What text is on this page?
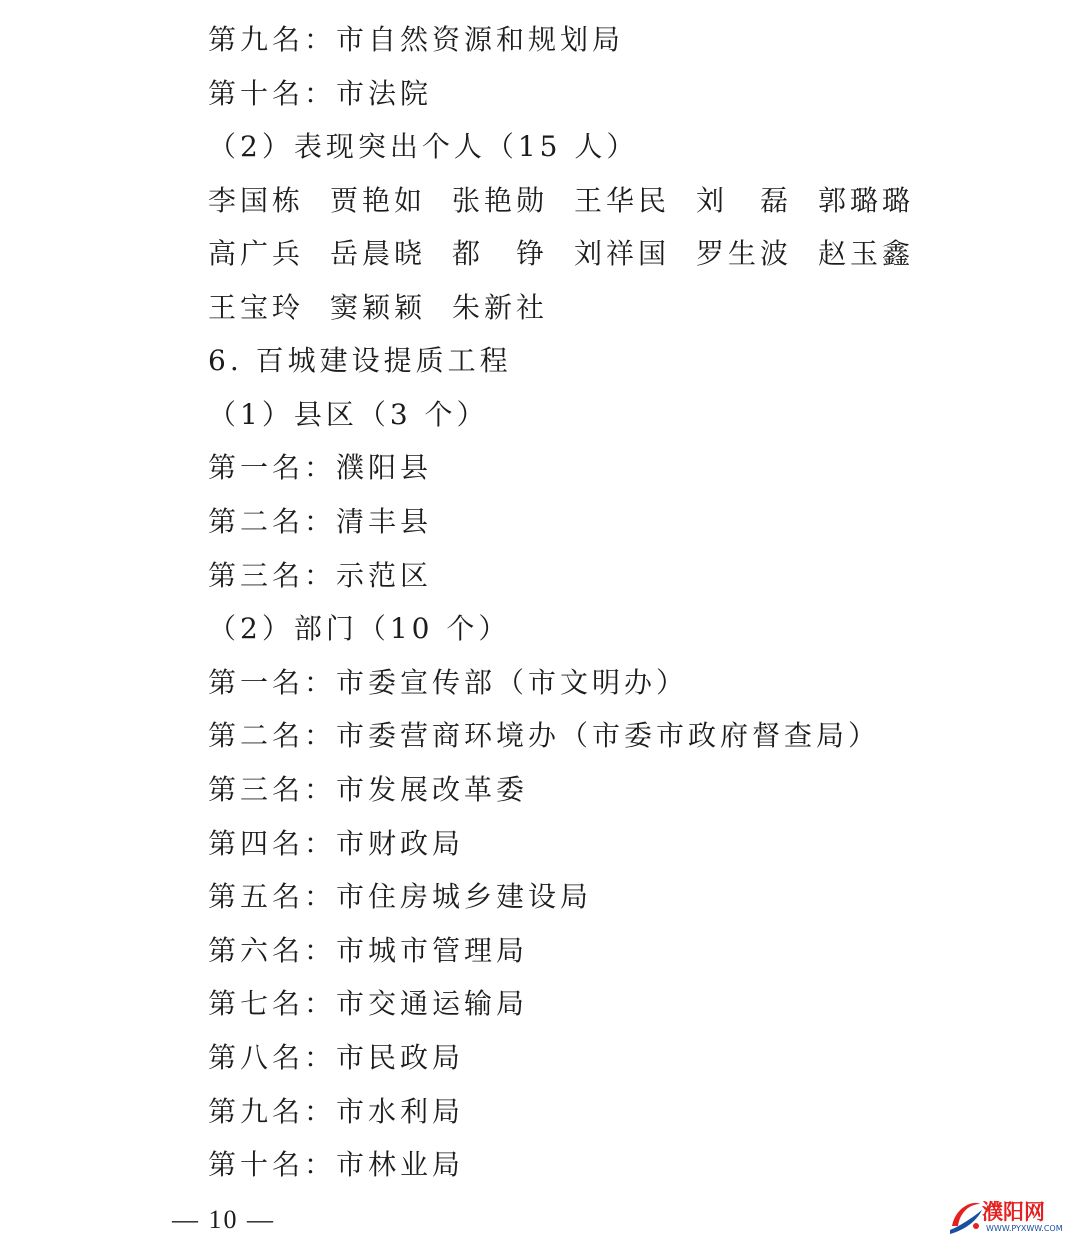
第九名：市自然资源和规划局
第十名：市法院
（2）表现突出个人（15 人）
李国栋 贾艳如 张艳勋 王华民 刘　磊 郭璐璐
高广兵 岳晨晓 都　铮 刘祥国 罗生波 赵玉鑫
王宝玲 窦颖颖 朱新社
6. 百城建设提质工程
（1）县区（3 个）
第一名：濮阳县
第二名：清丰县
第三名：示范区
（2）部门（10 个）
第一名：市委宣传部（市文明办）
第二名：市委营商环境办（市委市政府督查局）
第三名：市发展改革委
第四名：市财政局
第五名：市住房城乡建设局
第六名：市城市管理局
第七名：市交通运输局
第八名：市民政局
第九名：市水利局
第十名：市林业局
— 10 —	濮阳网
WWW.PYXWW.COM
